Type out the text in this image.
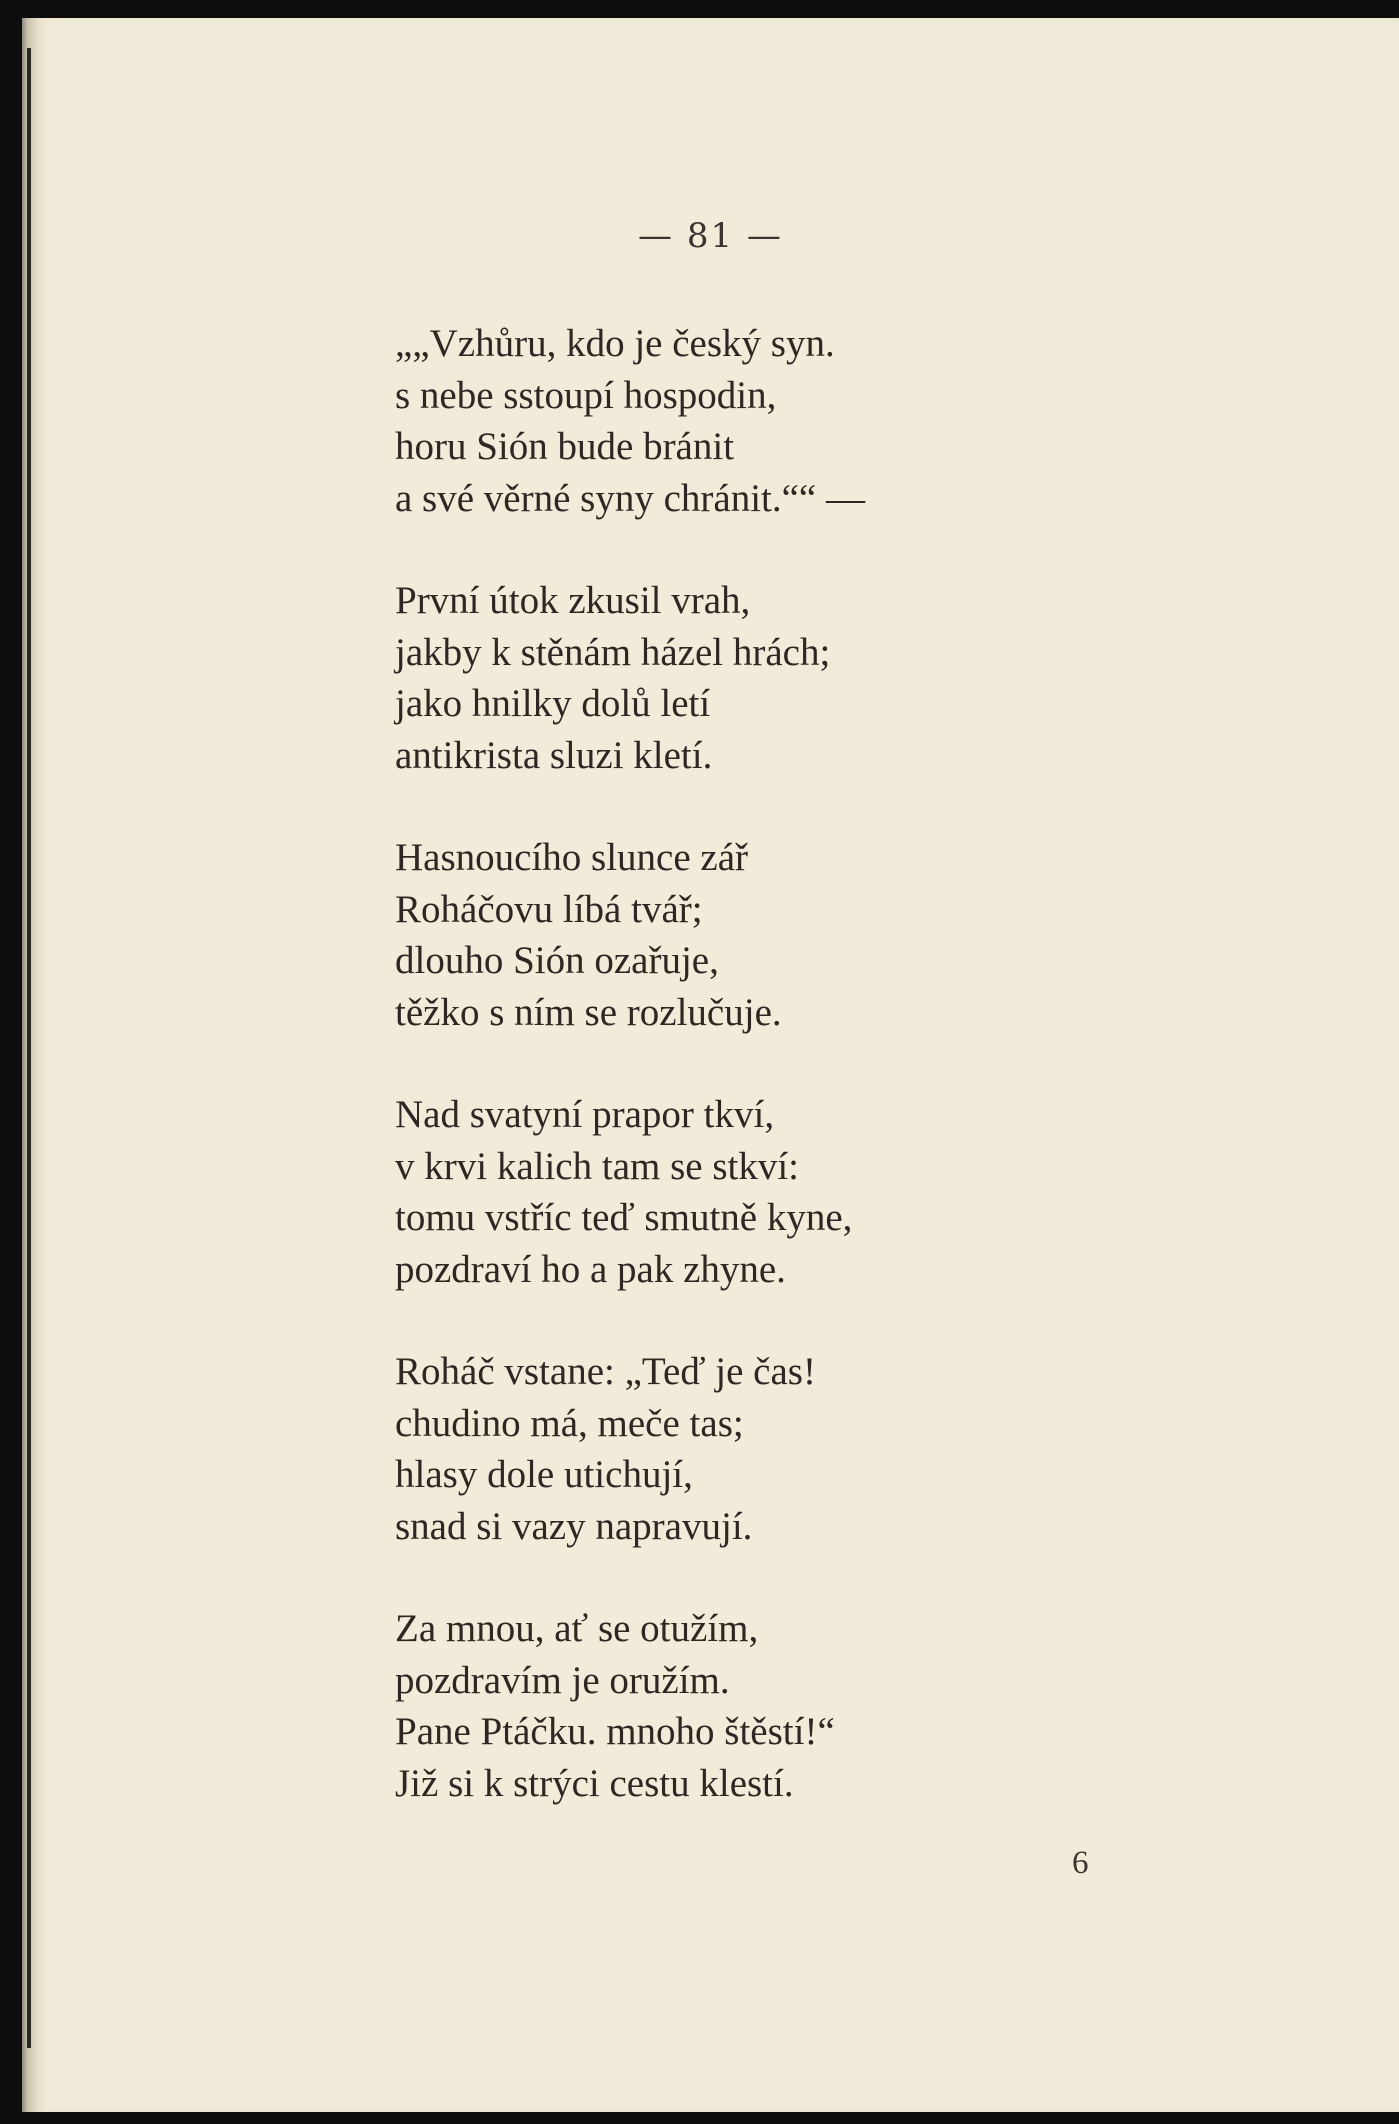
— 81 —
„„Vzhůru, kdo je český syn.
s nebe sstoupí hospodin,
horu Sión bude bránit
a své věrné syny chránit.““ —
První útok zkusil vrah,
jakby k stěnám házel hrách;
jako hnilky dolů letí
antikrista sluzi kletí.
Hasnoucího slunce zář
Roháčovu líbá tvář;
dlouho Sión ozařuje,
těžko s ním se rozlučuje.
Nad svatyní prapor tkví,
v krvi kalich tam se stkví:
tomu vstříc teď smutně kyne,
pozdraví ho a pak zhyne.
Roháč vstane: „Teď je čas!
chudino má, meče tas;
hlasy dole utichují,
snad si vazy napravují.
Za mnou, ať se otužím,
pozdravím je oružím.
Pane Ptáčku. mnoho štěstí!“
Již si k strýci cestu klestí.
6
